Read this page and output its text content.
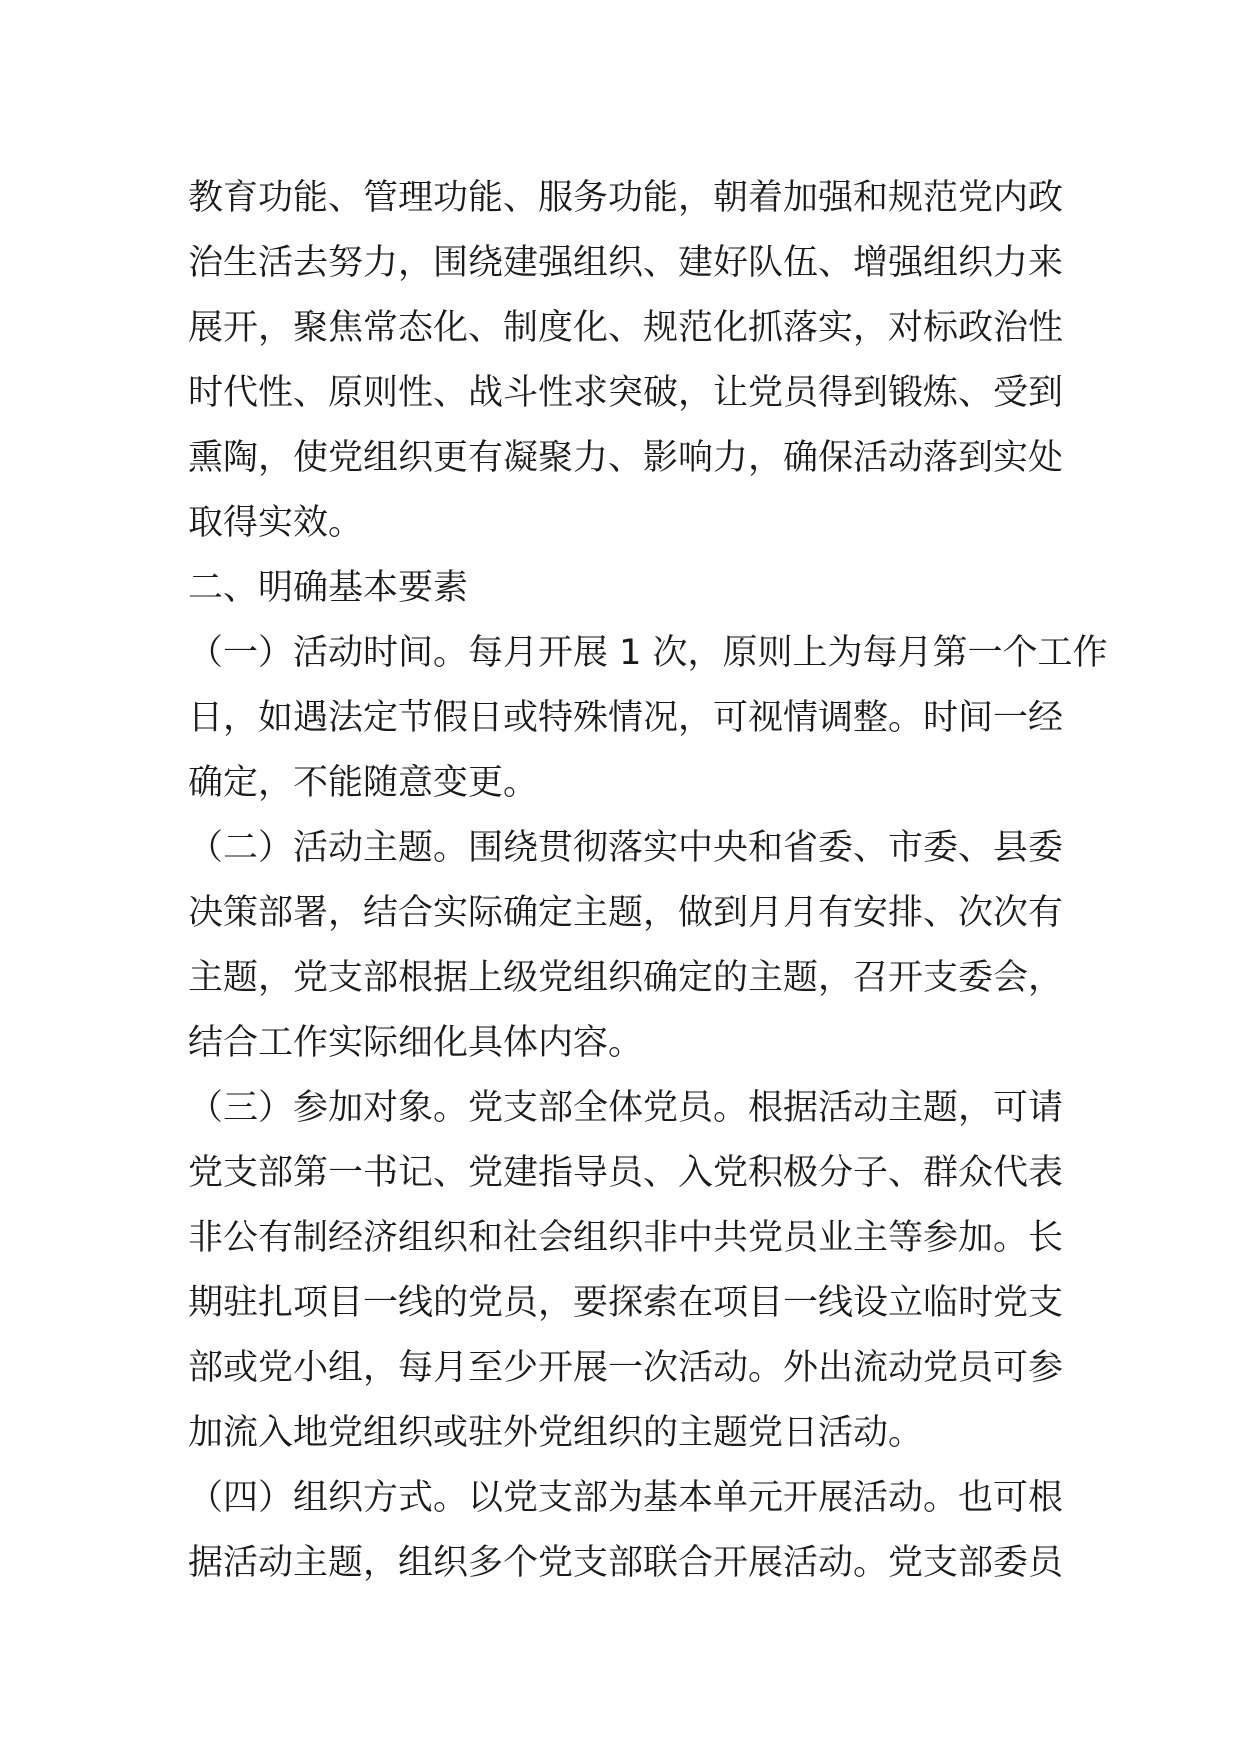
教育功能、管理功能、服务功能，朝着加强和规范党内政
治生活去努力，围绕建强组织、建好队伍、增强组织力来
展开，聚焦常态化、制度化、规范化抓落实，对标政治性
时代性、原则性、战斗性求突破，让党员得到锻炼、受到
熏陶，使党组织更有凝聚力、影响力，确保活动落到实处
取得实效。
二、明确基本要素
（一）活动时间。每月开展 1 次，原则上为每月第一个工作
日，如遇法定节假日或特殊情况，可视情调整。时间一经
确定，不能随意变更。
（二）活动主题。围绕贯彻落实中央和省委、市委、县委
决策部署，结合实际确定主题，做到月月有安排、次次有
主题，党支部根据上级党组织确定的主题，召开支委会，
结合工作实际细化具体内容。
（三）参加对象。党支部全体党员。根据活动主题，可请
党支部第一书记、党建指导员、入党积极分子、群众代表
非公有制经济组织和社会组织非中共党员业主等参加。长
期驻扎项目一线的党员，要探索在项目一线设立临时党支
部或党小组，每月至少开展一次活动。外出流动党员可参
加流入地党组织或驻外党组织的主题党日活动。
（四）组织方式。以党支部为基本单元开展活动。也可根
据活动主题，组织多个党支部联合开展活动。党支部委员
